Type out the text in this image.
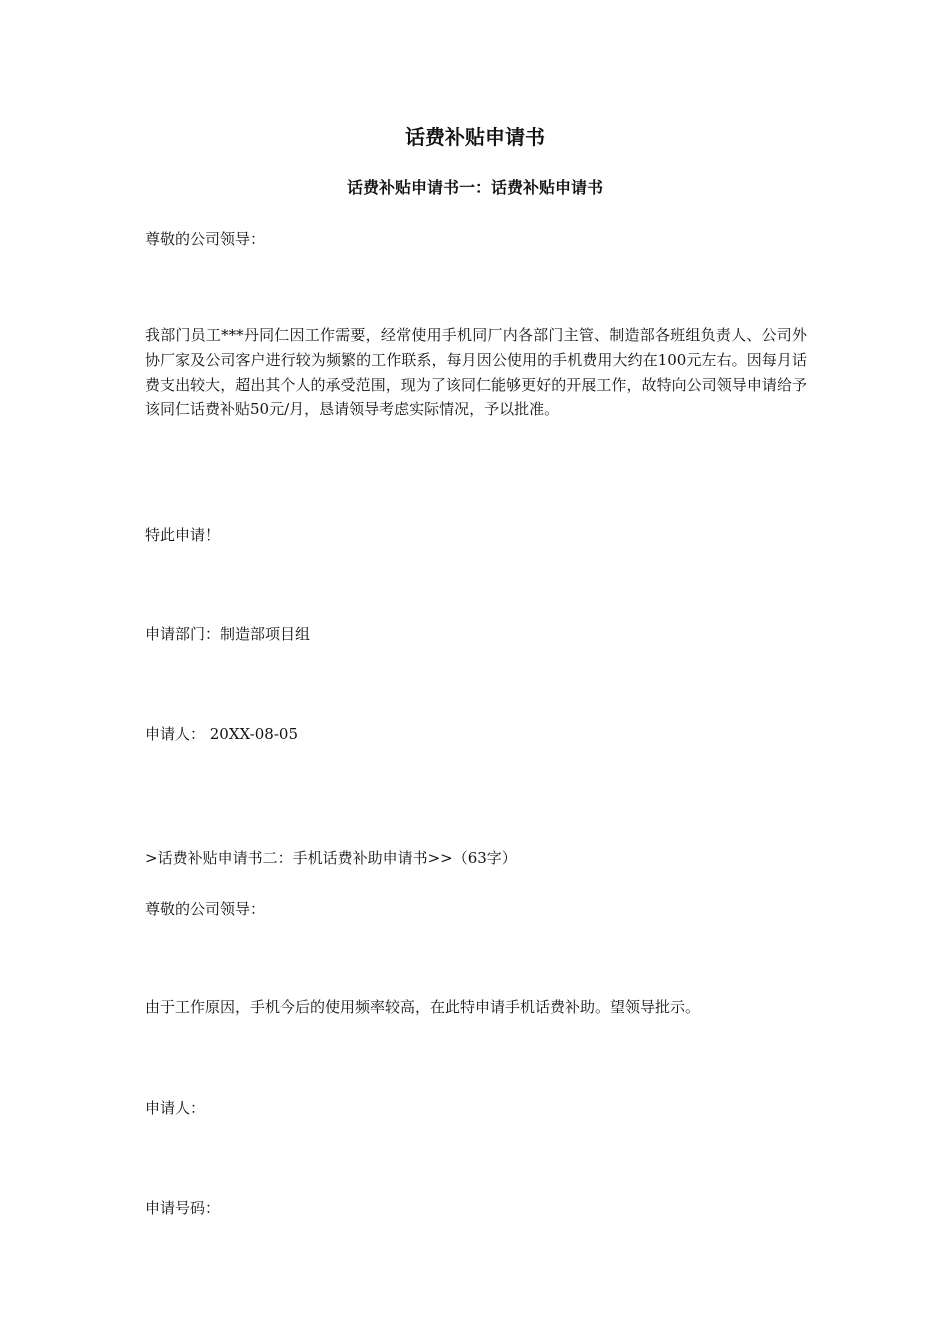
话费补贴申请书
话费补贴申请书一：话费补贴申请书

尊敬的公司领导：

我部门员工***丹同仁因工作需要，经常使用手机同厂内各部门主管、制造部各班组负责人、公司外协厂家及公司客户进行较为频繁的工作联系，每月因公使用的手机费用大约在100元左右。因每月话费支出较大，超出其个人的承受范围，现为了该同仁能够更好的开展工作，故特向公司领导申请给予该同仁话费补贴50元/月，恳请领导考虑实际情况，予以批准。

特此申请！

申请部门：制造部项目组

申请人： 20XX-08-05

>话费补贴申请书二：手机话费补助申请书>>（63字）

尊敬的公司领导：

由于工作原因，手机今后的使用频率较高，在此特申请手机话费补助。望领导批示。

申请人：

申请号码：
